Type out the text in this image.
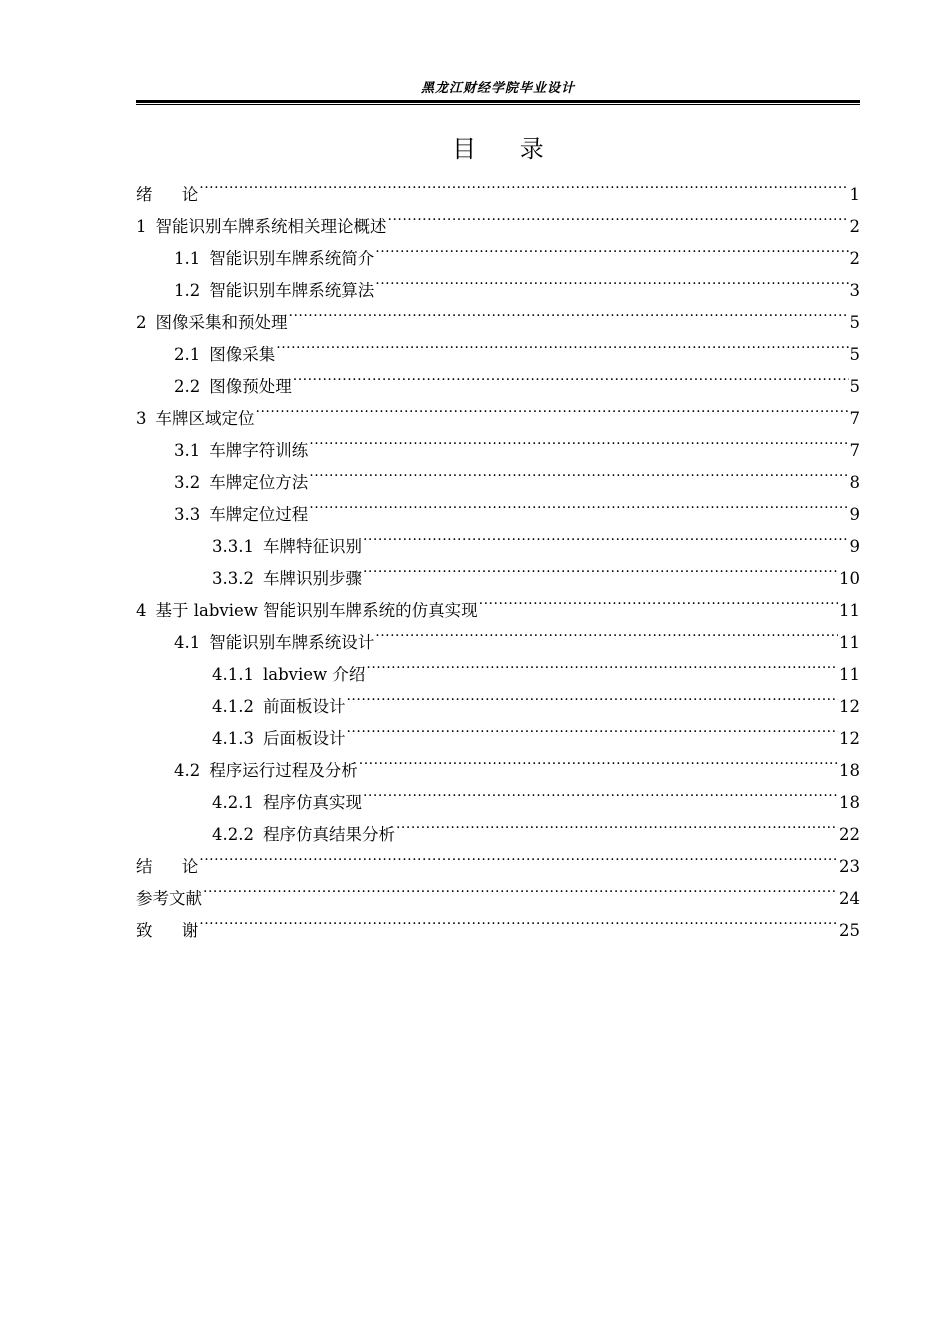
黑龙江财经学院毕业设计
目 录
绪 论 .....	1
1 智能识别车牌系统相关理论概述 .....	2
1.1 智能识别车牌系统简介 .....	2
1.2 智能识别车牌系统算法 .....	3
2 图像采集和预处理 .....	5
2.1 图像采集 .....	5
2.2 图像预处理 .....	5
3 车牌区域定位 .....	7
3.1 车牌字符训练 .....	7
3.2 车牌定位方法 .....	8
3.3 车牌定位过程 .....	9
3.3.1 车牌特征识别 .....	9
3.3.2 车牌识别步骤 .....	10
4 基于 labview 智能识别车牌系统的仿真实现 .....	11
4.1 智能识别车牌系统设计 .....	11
4.1.1 labview 介绍 .....	11
4.1.2 前面板设计 .....	12
4.1.3 后面板设计 .....	12
4.2 程序运行过程及分析 .....	18
4.2.1 程序仿真实现 .....	18
4.2.2 程序仿真结果分析 .....	22
结 论 .....	23
参考文献 .....	24
致 谢 .....	25
